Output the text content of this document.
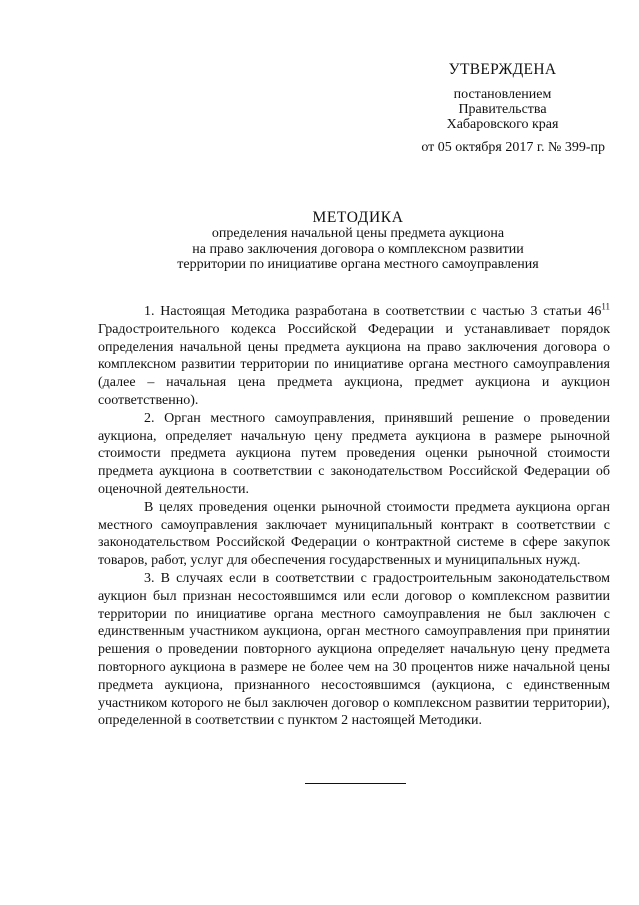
УТВЕРЖДЕНА
постановлением
Правительства
Хабаровского края
от 05 октября 2017 г. № 399-пр
МЕТОДИКА
определения начальной цены предмета аукциона
на право заключения договора о комплексном развитии
территории по инициативе органа местного самоуправления

1. Настоящая Методика разработана в соответствии с частью 3 статьи $46^{11}$ Градостроительного кодекса Российской Федерации и устанавливает порядок определения начальной цены предмета аукциона на право заключения договора о комплексном развитии территории по инициативе органа местного самоуправления (далее – начальная цена предмета аукциона, предмет аукциона и аукцион соответственно).

2. Орган местного самоуправления, принявший решение о проведении аукциона, определяет начальную цену предмета аукциона в размере рыночной стоимости предмета аукциона путем проведения оценки рыночной стоимости предмета аукциона в соответствии с законодательством Российской Федерации об оценочной деятельности.

В целях проведения оценки рыночной стоимости предмета аукциона орган местного самоуправления заключает муниципальный контракт в соответствии с законодательством Российской Федерации о контрактной системе в сфере закупок товаров, работ, услуг для обеспечения государственных и муниципальных нужд.

3. В случаях если в соответствии с градостроительным законодательством аукцион был признан несостоявшимся или если договор о комплексном развитии территории по инициативе органа местного самоуправления не был заключен с единственным участником аукциона, орган местного самоуправления при принятии решения о проведении повторного аукциона определяет начальную цену предмета повторного аукциона в размере не более чем на 30 процентов ниже начальной цены предмета аукциона, признанного несостоявшимся (аукциона, с единственным участником которого не был заключен договор о комплексном развитии территории), определенной в соответствии с пунктом 2 настоящей Методики.
